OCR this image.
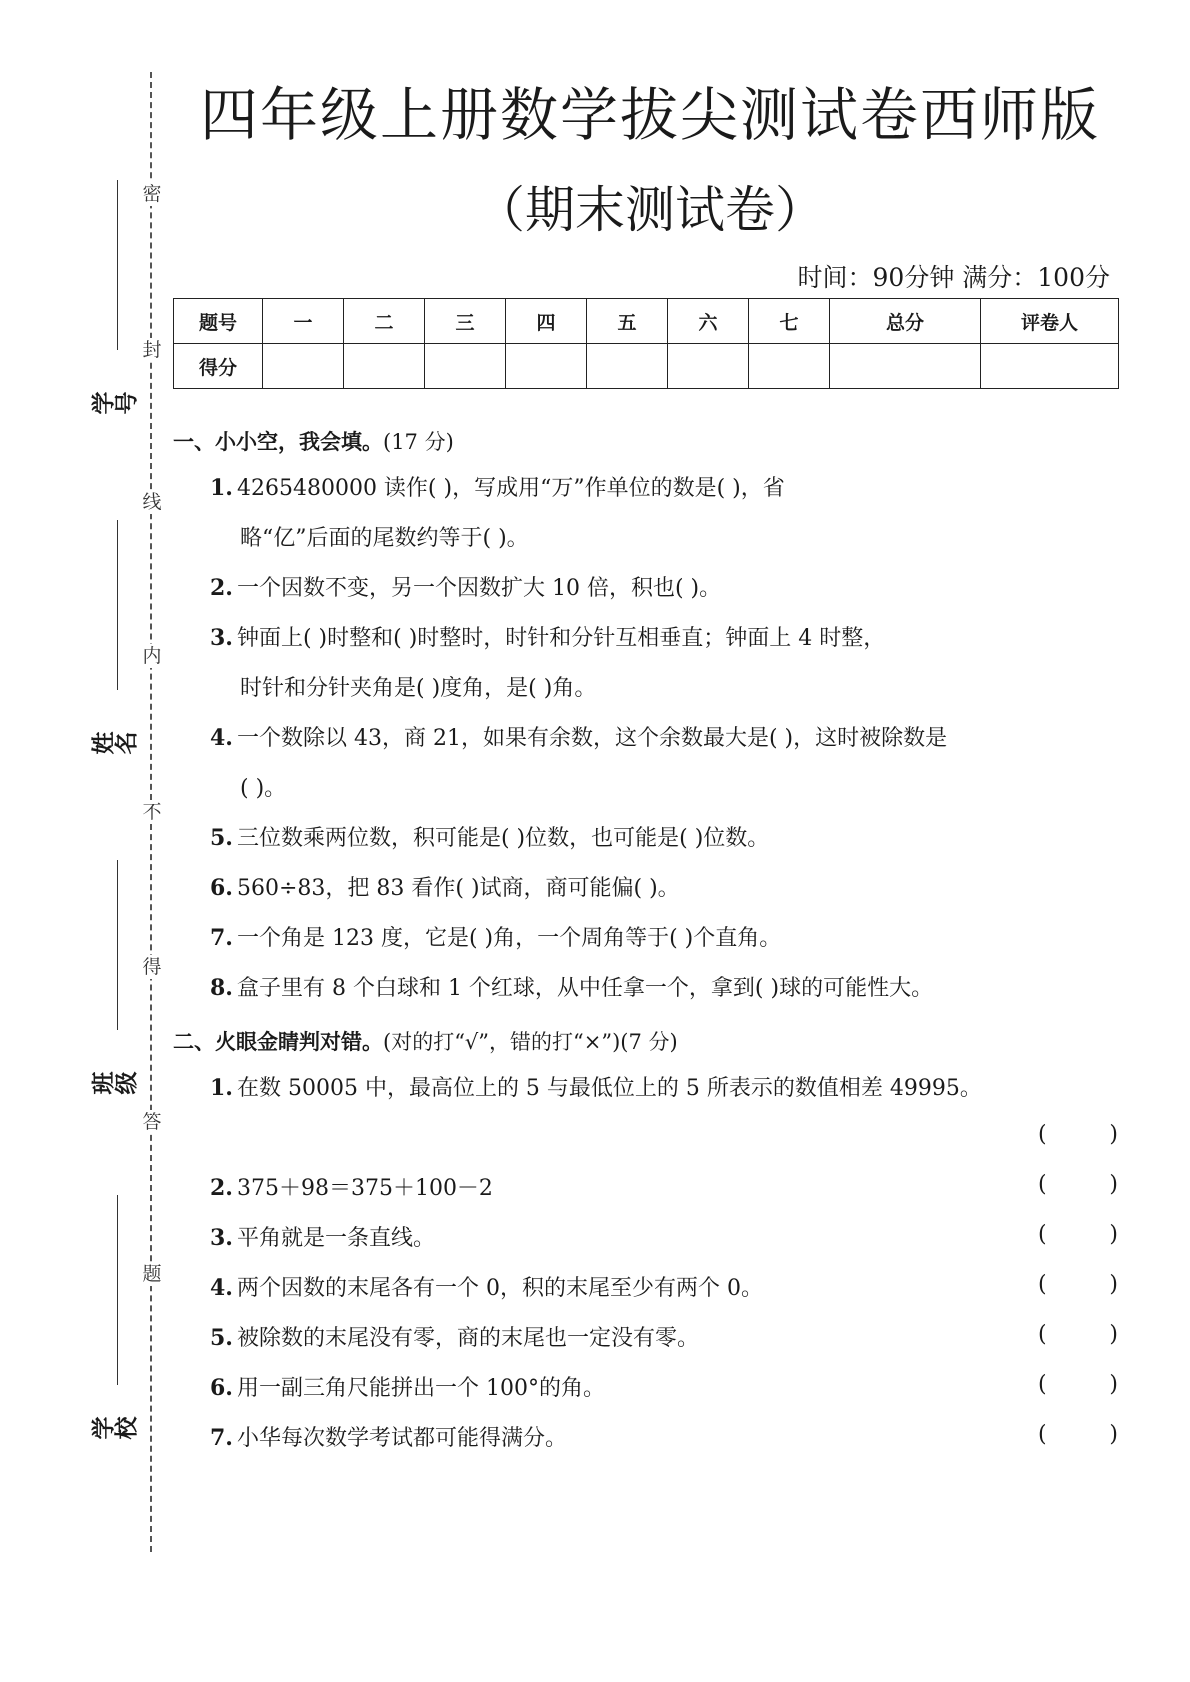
密
封
线
内
不
得
答
题
学号
姓名
班级
学校
四年级上册数学拔尖测试卷西师版
（期末测试卷）
时间：90分钟 满分：100分
题号	一	二	三	四	五	六	七	总分	评卷人
得分									
一、小小空，我会填。(17 分)
1. 4265480000 读作( )，写成用“万”作单位的数是( )，省
略“亿”后面的尾数约等于( )。
2. 一个因数不变，另一个因数扩大 10 倍，积也( )。
3. 钟面上( )时整和( )时整时，时针和分针互相垂直；钟面上 4 时整，
时针和分针夹角是( )度角，是( )角。
4. 一个数除以 43，商 21，如果有余数，这个余数最大是( )，这时被除数是
( )。
5. 三位数乘两位数，积可能是( )位数，也可能是( )位数。
6. 560÷83，把 83 看作( )试商，商可能偏( )。
7. 一个角是 123 度，它是( )角，一个周角等于( )个直角。
8. 盒子里有 8 个白球和 1 个红球，从中任拿一个，拿到( )球的可能性大。
二、火眼金睛判对错。(对的打“√”，错的打“×”)(7 分)
1. 在数 50005 中，最高位上的 5 与最低位上的 5 所表示的数值相差 49995。
(	)
2. 375＋98＝375＋100－2	(	)
3. 平角就是一条直线。	(	)
4. 两个因数的末尾各有一个 0，积的末尾至少有两个 0。	(	)
5. 被除数的末尾没有零，商的末尾也一定没有零。	(	)
6. 用一副三角尺能拼出一个 100°的角。	(	)
7. 小华每次数学考试都可能得满分。	(	)
